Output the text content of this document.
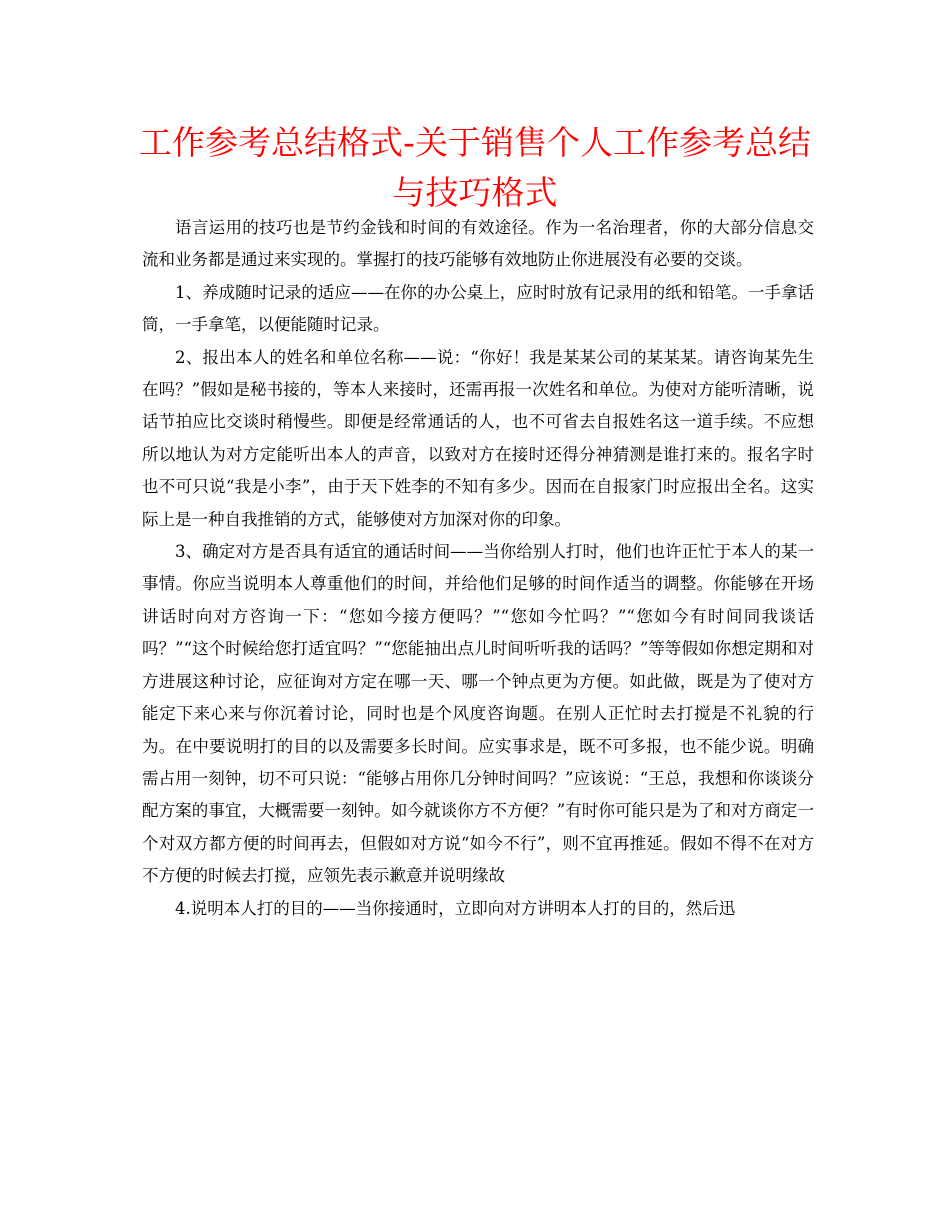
工作参考总结格式-关于销售个人工作参考总结与技巧格式

语言运用的技巧也是节约金钱和时间的有效途径。作为一名治理者，你的大部分信息交流和业务都是通过来实现的。掌握打的技巧能够有效地防止你进展没有必要的交谈。

1、养成随时记录的适应——在你的办公桌上，应时时放有记录用的纸和铅笔。一手拿话筒，一手拿笔，以便能随时记录。

2、报出本人的姓名和单位名称——说：“你好！我是某某公司的某某某。请咨询某先生在吗？”假如是秘书接的，等本人来接时，还需再报一次姓名和单位。为使对方能听清晰，说话节拍应比交谈时稍慢些。即便是经常通话的人，也不可省去自报姓名这一道手续。不应想所以地认为对方定能听出本人的声音，以致对方在接时还得分神猜测是谁打来的。报名字时也不可只说“我是小李”，由于天下姓李的不知有多少。因而在自报家门时应报出全名。这实际上是一种自我推销的方式，能够使对方加深对你的印象。

3、确定对方是否具有适宜的通话时间——当你给别人打时，他们也许正忙于本人的某一事情。你应当说明本人尊重他们的时间，并给他们足够的时间作适当的调整。你能够在开场讲话时向对方咨询一下：“您如今接方便吗？”“您如今忙吗？”“您如今有时间同我谈话吗？”“这个时候给您打适宜吗？”“您能抽出点儿时间听听我的话吗？”等等假如你想定期和对方进展这种讨论，应征询对方定在哪一天、哪一个钟点更为方便。如此做，既是为了使对方能定下来心来与你沉着讨论，同时也是个风度咨询题。在别人正忙时去打搅是不礼貌的行为。在中要说明打的目的以及需要多长时间。应实事求是，既不可多报，也不能少说。明确需占用一刻钟，切不可只说：“能够占用你几分钟时间吗？”应该说：“王总，我想和你谈谈分配方案的事宜，大概需要一刻钟。如今就谈你方不方便？”有时你可能只是为了和对方商定一个对双方都方便的时间再去，但假如对方说“如今不行”，则不宜再推延。假如不得不在对方不方便的时候去打搅，应领先表示歉意并说明缘故

4.说明本人打的目的——当你接通时，立即向对方讲明本人打的目的，然后迅
